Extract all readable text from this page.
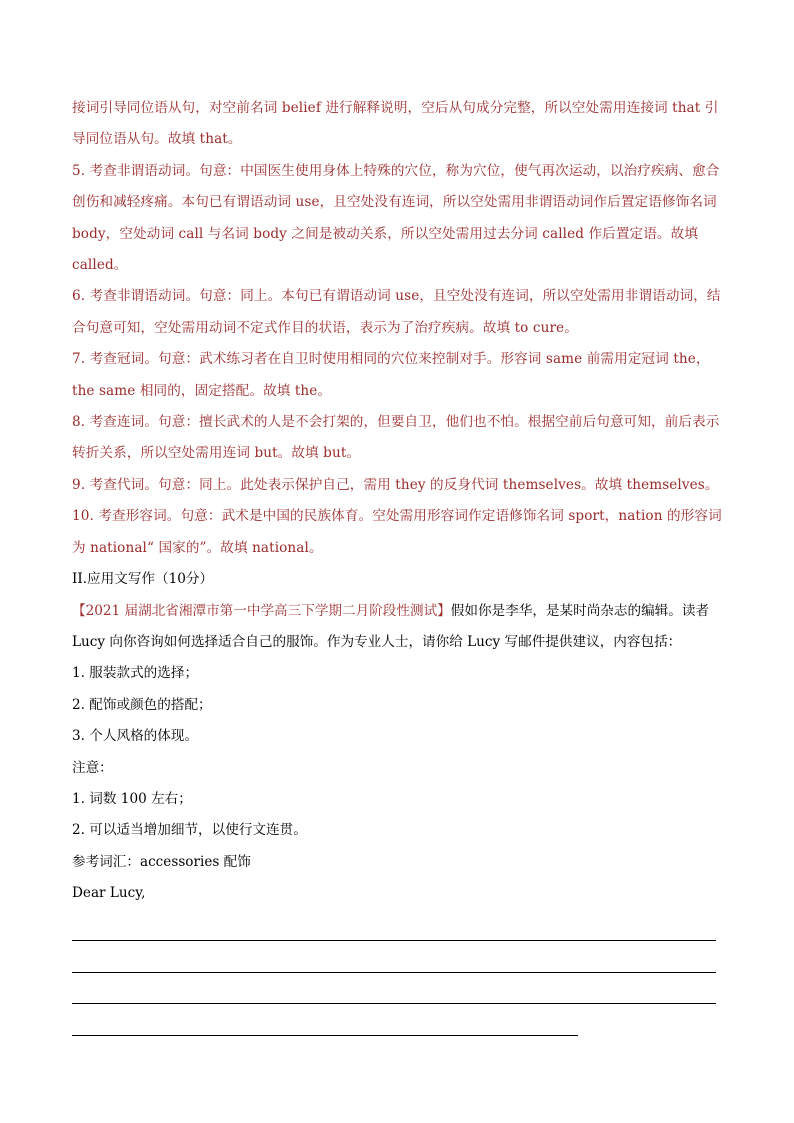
接词引导同位语从句，对空前名词 belief 进行解释说明，空后从句成分完整，所以空处需用连接词 that 引导同位语从句。故填 that。

5. 考查非谓语动词。句意：中国医生使用身体上特殊的穴位，称为穴位，使气再次运动，以治疗疾病、愈合创伤和减轻疼痛。本句已有谓语动词 use，且空处没有连词，所以空处需用非谓语动词作后置定语修饰名词 body，空处动词 call 与名词 body 之间是被动关系，所以空处需用过去分词 called 作后置定语。故填 called。

6. 考查非谓语动词。句意：同上。本句已有谓语动词 use，且空处没有连词，所以空处需用非谓语动词，结合句意可知，空处需用动词不定式作目的状语，表示为了治疗疾病。故填 to cure。

7. 考查冠词。句意：武术练习者在自卫时使用相同的穴位来控制对手。形容词 same 前需用定冠词 the，the same 相同的，固定搭配。故填 the。

8. 考查连词。句意：擅长武术的人是不会打架的，但要自卫，他们也不怕。根据空前后句意可知，前后表示转折关系，所以空处需用连词 but。故填 but。

9. 考查代词。句意：同上。此处表示保护自己，需用 they 的反身代词 themselves。故填 themselves。

10. 考查形容词。句意：武术是中国的民族体育。空处需用形容词作定语修饰名词 sport，nation 的形容词为 national“ 国家的”。故填 national。

II.应用文写作（10分）

【2021 届湖北省湘潭市第一中学高三下学期二月阶段性测试】假如你是李华，是某时尚杂志的编辑。读者 Lucy 向你咨询如何选择适合自己的服饰。作为专业人士，请你给 Lucy 写邮件提供建议，内容包括：

1. 服装款式的选择；

2. 配饰或颜色的搭配；

3. 个人风格的体现。

注意：

1. 词数 100 左右；

2. 可以适当增加细节，以使行文连贯。

参考词汇：accessories 配饰

Dear Lucy,
